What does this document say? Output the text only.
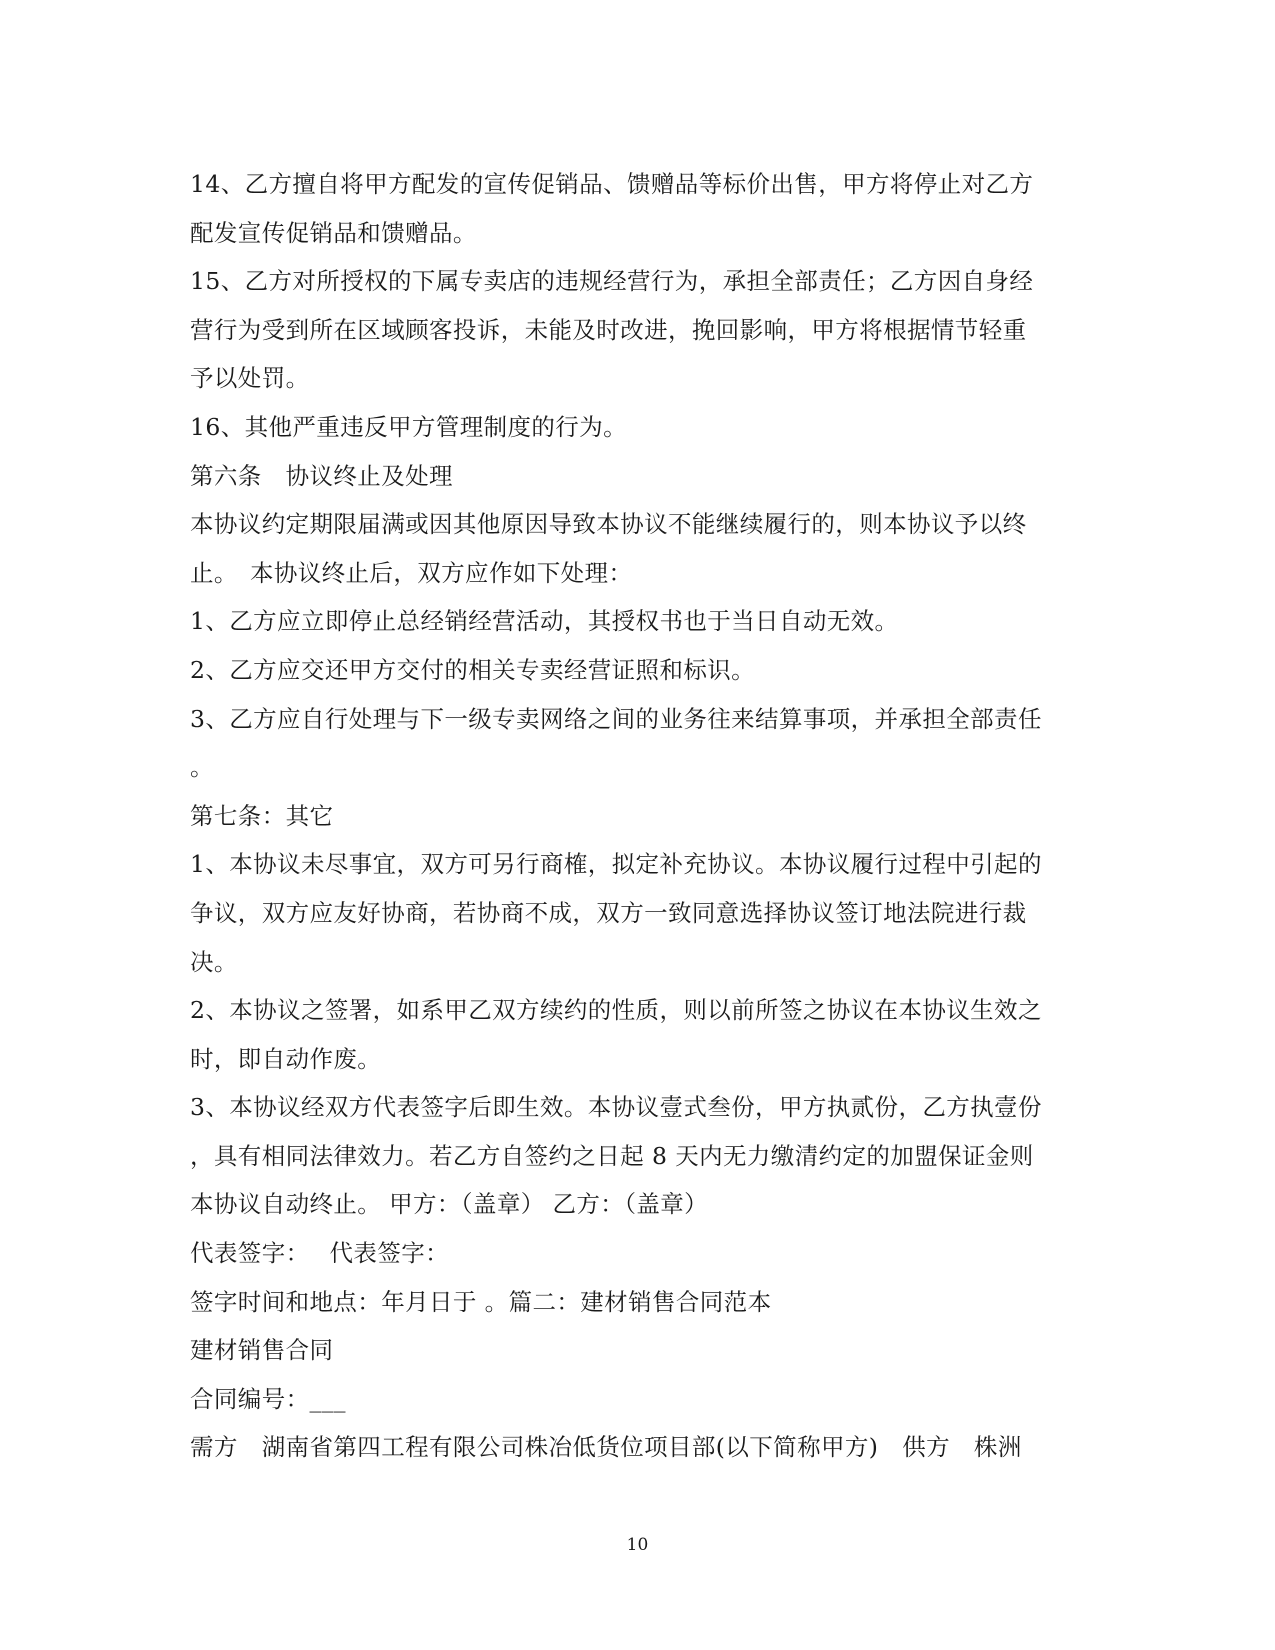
14、乙方擅自将甲方配发的宣传促销品、馈赠品等标价出售，甲方将停止对乙方
配发宣传促销品和馈赠品。
15、乙方对所授权的下属专卖店的违规经营行为，承担全部责任；乙方因自身经
营行为受到所在区域顾客投诉，未能及时改进，挽回影响，甲方将根据情节轻重
予以处罚。
16、其他严重违反甲方管理制度的行为。
第六条　协议终止及处理
本协议约定期限届满或因其他原因导致本协议不能继续履行的，则本协议予以终
止。　本协议终止后，双方应作如下处理：
1、乙方应立即停止总经销经营活动，其授权书也于当日自动无效。
2、乙方应交还甲方交付的相关专卖经营证照和标识。
3、乙方应自行处理与下一级专卖网络之间的业务往来结算事项，并承担全部责任
。
第七条：其它
1、本协议未尽事宜，双方可另行商榷，拟定补充协议。本协议履行过程中引起的
争议，双方应友好协商，若协商不成，双方一致同意选择协议签订地法院进行裁
决。
2、本协议之签署，如系甲乙双方续约的性质，则以前所签之协议在本协议生效之
时，即自动作废。
3、本协议经双方代表签字后即生效。本协议壹式叁份，甲方执贰份，乙方执壹份
，具有相同法律效力。若乙方自签约之日起 8 天内无力缴清约定的加盟保证金则
本协议自动终止。 甲方：（盖章） 乙方：（盖章）
代表签字：　 代表签字：
签字时间和地点：年月日于 。篇二：建材销售合同范本
建材销售合同
合同编号：___
需方　湖南省第四工程有限公司株冶低货位项目部(以下简称甲方)　供方　株洲
10
